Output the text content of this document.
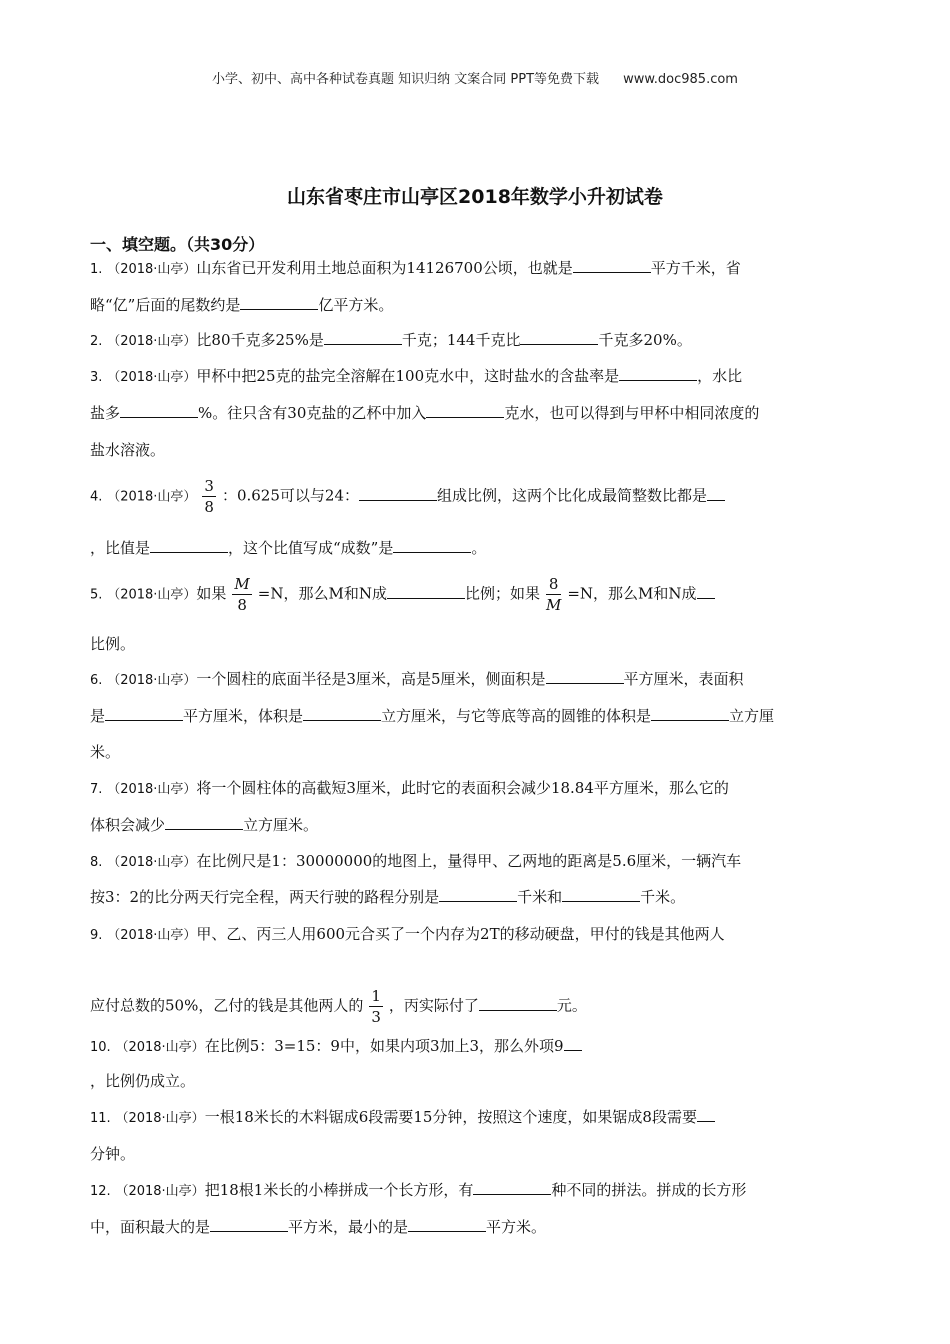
小学、初中、高中各种试卷真题 知识归纳 文案合同 PPT等免费下载 www.doc985.com
山东省枣庄市山亭区2018年数学小升初试卷
一、填空题。（共30分）
1. （2018·山亭）山东省已开发利用土地总面积为14126700公顷，也就是	平方千米，省
略“亿”后面的尾数约是	亿平方米。
2. （2018·山亭）比80千克多25%是	千克；144千克比	千克多20%。
3. （2018·山亭）甲杯中把25克的盐完全溶解在100克水中，这时盐水的含盐率是	，水比
盐多	%。往只含有30克盐的乙杯中加入	克水，也可以得到与甲杯中相同浓度的
盐水溶液。
4. （2018·山亭） $\frac{3}{8}$ ：0.625可以与24：	组成比例，这两个比化成最简整数比都是
，比值是	，这个比值写成“成数”是	。
5. （2018·山亭）如果 $\frac{M}{8} =N$，那么M和N成	比例；如果 $\frac{8}{M} =N$，那么M和N成
比例。
6. （2018·山亭）一个圆柱的底面半径是3厘米，高是5厘米，侧面积是	平方厘米，表面积
是	平方厘米，体积是	立方厘米，与它等底等高的圆锥的体积是	立方厘
米。
7. （2018·山亭）将一个圆柱体的高截短3厘米，此时它的表面积会减少18.84平方厘米，那么它的
体积会减少	立方厘米。
8. （2018·山亭）在比例尺是1：30000000的地图上，量得甲、乙两地的距离是5.6厘米，一辆汽车
按3：2的比分两天行完全程，两天行驶的路程分别是	千米和	千米。
9. （2018·山亭）甲、乙、丙三人用600元合买了一个内存为2T的移动硬盘，甲付的钱是其他两人
应付总数的50%，乙付的钱是其他两人的 $\frac{1}{3}$ ，丙实际付了	元。
10. （2018·山亭）在比例5：3=15：9中，如果内项3加上3，那么外项9
，比例仍成立。
11. （2018·山亭）一根18米长的木料锯成6段需要15分钟，按照这个速度，如果锯成8段需要
分钟。
12. （2018·山亭）把18根1米长的小棒拼成一个长方形，有	种不同的拼法。拼成的长方形
中，面积最大的是	平方米，最小的是	平方米。
